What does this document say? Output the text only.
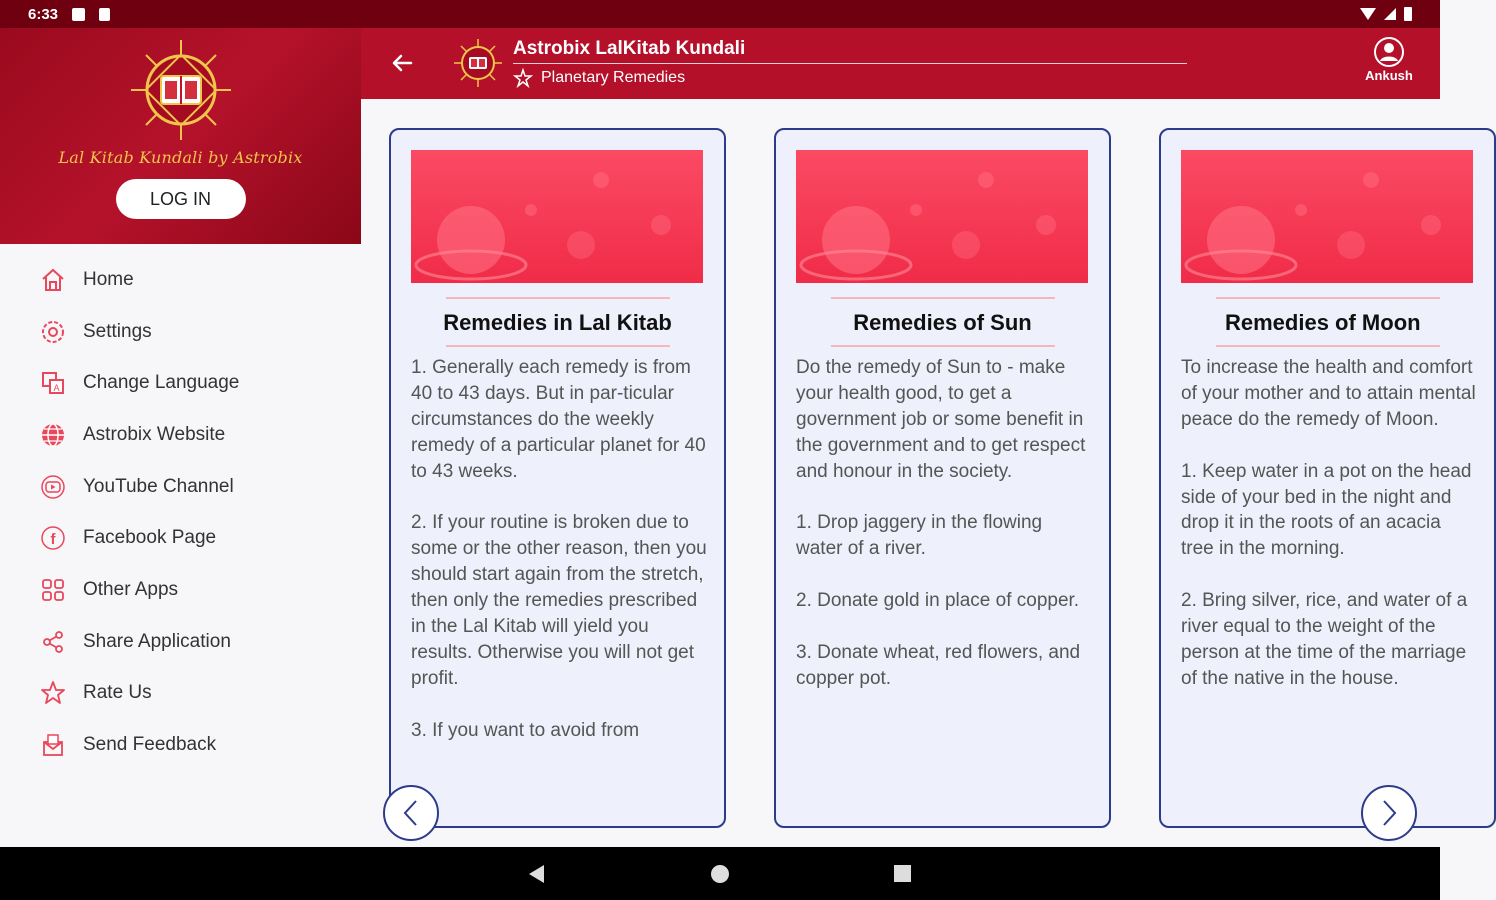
6:33
Lal Kitab Kundali by Astrobix
LOG IN
Home
Settings
A Change Language
Astrobix Website
YouTube Channel
f Facebook Page
Other Apps
Share Application
Rate Us
Send Feedback
Astrobix LalKitab Kundali
Planetary Remedies	Ankush
Remedies in Lal Kitab
1. Generally each remedy is from 40 to 43 days. But in par-ticular circumstances do the weekly remedy of a particular planet for 40 to 43 weeks.

2. If your routine is broken due to some or the other reason, then you should start again from the stretch, then only the remedies prescribed in the Lal Kitab will yield you results. Otherwise you will not get profit.

3. If you want to avoid from
Remedies of Sun
Do the remedy of Sun to - make your health good, to get a government job or some benefit in the government and to get respect and honour in the society.

1. Drop jaggery in the flowing water of a river.

2. Donate gold in place of copper.

3. Donate wheat, red flowers, and copper pot.
Remedies of Moon
To increase the health and comfort of your mother and to attain mental peace do the remedy of Moon.

1. Keep water in a pot on the head side of your bed in the night and drop it in the roots of an acacia tree in the morning.

2. Bring silver, rice, and water of a river equal to the weight of the person at the time of the marriage of the native in the house.
